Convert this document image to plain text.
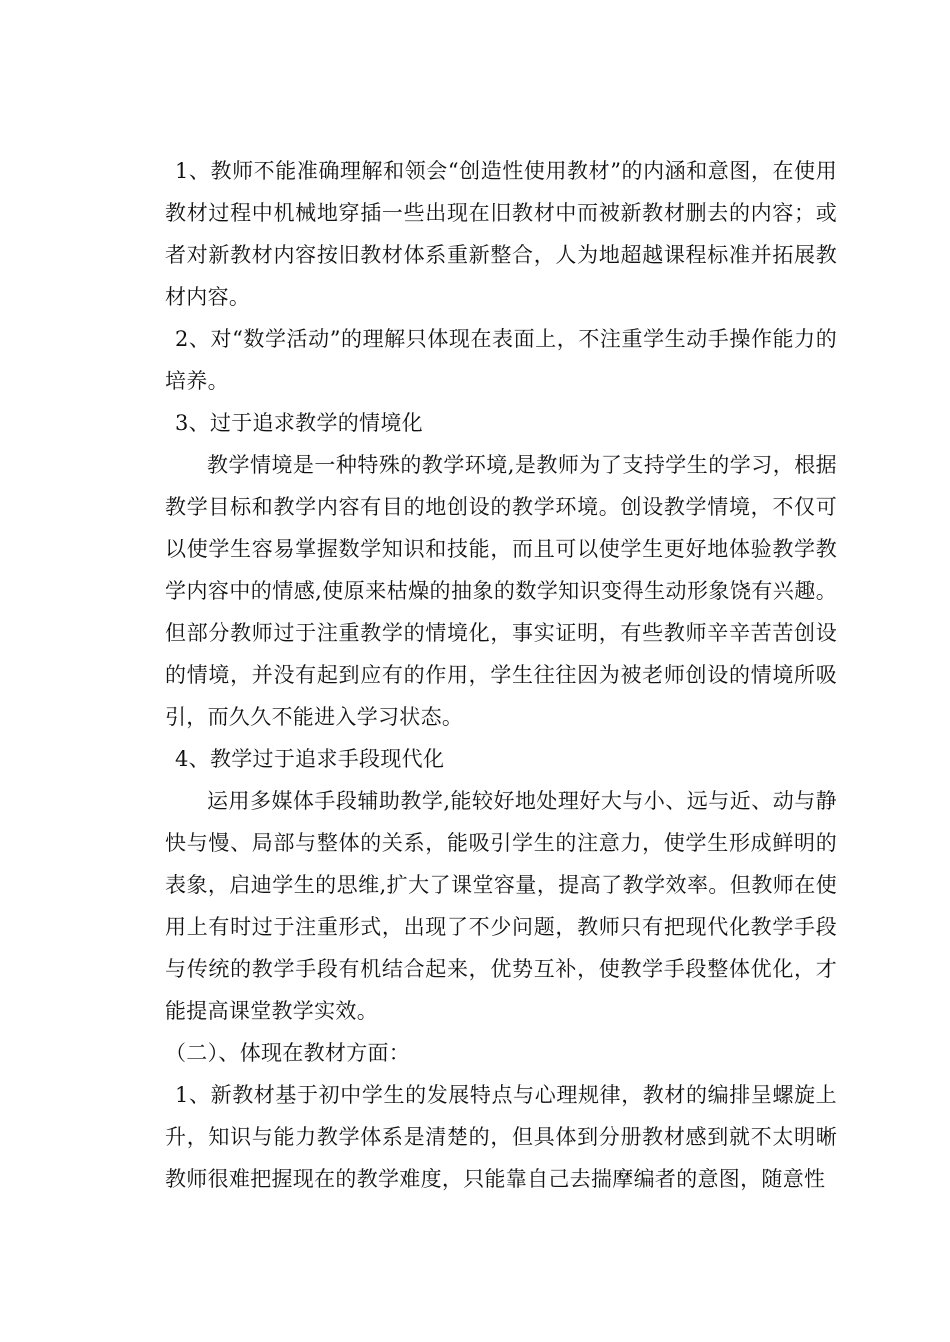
1、教师不能准确理解和领会“创造性使用教材”的内涵和意图，在使用教材过程中机械地穿插一些出现在旧教材中而被新教材删去的内容；或者对新教材内容按旧教材体系重新整合，人为地超越课程标准并拓展教材内容。

2、对“数学活动”的理解只体现在表面上，不注重学生动手操作能力的培养。

3、过于追求教学的情境化

教学情境是一种特殊的教学环境,是教师为了支持学生的学习，根据教学目标和教学内容有目的地创设的教学环境。创设教学情境，不仅可以使学生容易掌握数学知识和技能，而且可以使学生更好地体验教学教学内容中的情感,使原来枯燥的抽象的数学知识变得生动形象饶有兴趣。但部分教师过于注重教学的情境化，事实证明，有些教师辛辛苦苦创设的情境，并没有起到应有的作用，学生往往因为被老师创设的情境所吸引，而久久不能进入学习状态。

4、教学过于追求手段现代化

运用多媒体手段辅助教学,能较好地处理好大与小、远与近、动与静快与慢、局部与整体的关系，能吸引学生的注意力，使学生形成鲜明的表象，启迪学生的思维,扩大了课堂容量，提高了教学效率。但教师在使用上有时过于注重形式，出现了不少问题，教师只有把现代化教学手段与传统的教学手段有机结合起来，优势互补，使教学手段整体优化，才能提高课堂教学实效。

（二）、体现在教材方面：

1、新教材基于初中学生的发展特点与心理规律，教材的编排呈螺旋上升，知识与能力教学体系是清楚的，但具体到分册教材感到就不太明晰教师很难把握现在的教学难度，只能靠自己去揣摩编者的意图，随意性
